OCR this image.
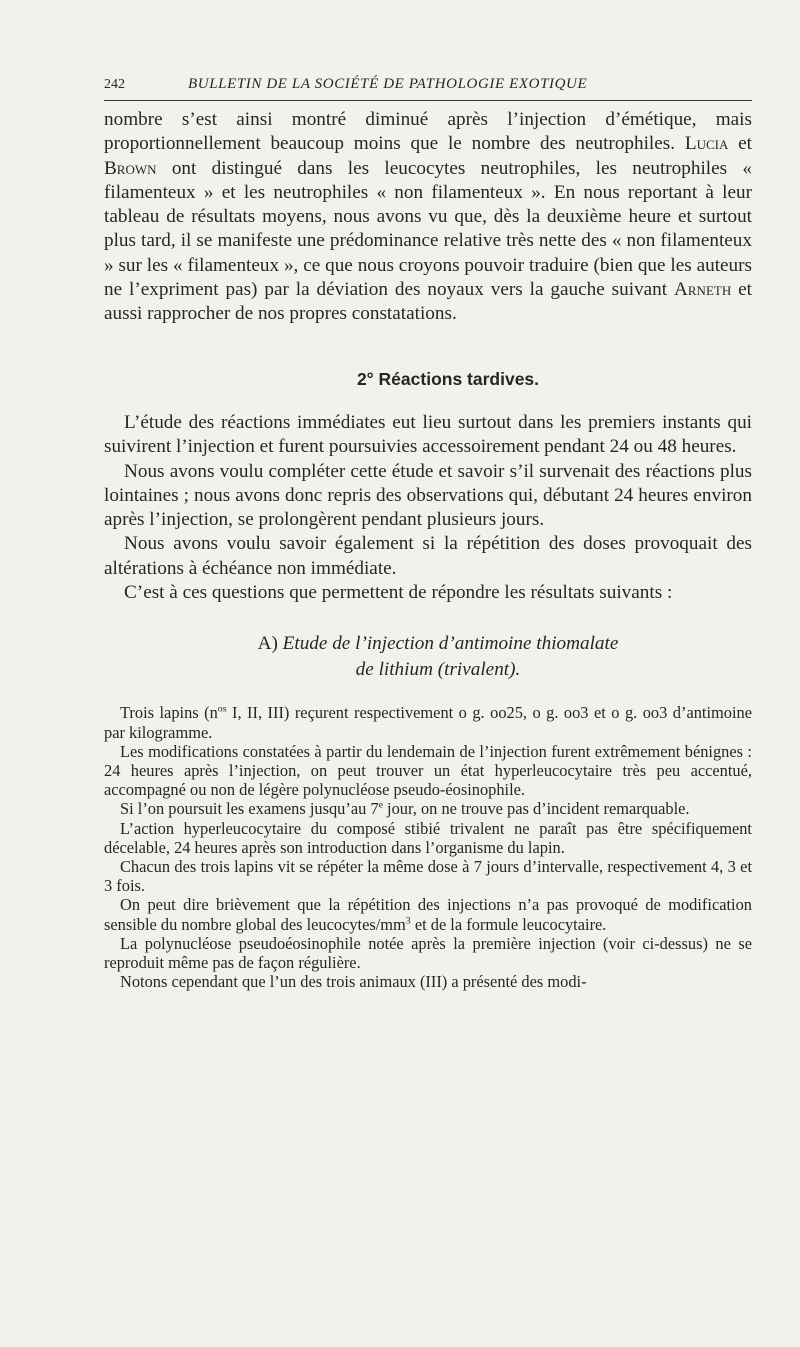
242	BULLETIN DE LA SOCIÉTÉ DE PATHOLOGIE EXOTIQUE

nombre s’est ainsi montré diminué après l’injection d’émétique, mais proportionnellement beaucoup moins que le nombre des neutrophiles. Lucia et Brown ont distingué dans les leucocytes neutrophiles, les neutrophiles « filamenteux » et les neutrophiles « non filamenteux ». En nous reportant à leur tableau de résultats moyens, nous avons vu que, dès la deuxième heure et surtout plus tard, il se manifeste une prédominance relative très nette des « non filamenteux » sur les « filamenteux », ce que nous croyons pouvoir traduire (bien que les auteurs ne l’expriment pas) par la déviation des noyaux vers la gauche suivant Arneth et aussi rapprocher de nos propres constatations.

2° Réactions tardives.

L’étude des réactions immédiates eut lieu surtout dans les premiers instants qui suivirent l’injection et furent poursuivies accessoirement pendant 24 ou 48 heures.

Nous avons voulu compléter cette étude et savoir s’il survenait des réactions plus lointaines ; nous avons donc repris des observations qui, débutant 24 heures environ après l’injection, se prolongèrent pendant plusieurs jours.

Nous avons voulu savoir également si la répétition des doses provoquait des altérations à échéance non immédiate.

C’est à ces questions que permettent de répondre les résultats suivants :

A) Etude de l’injection d’antimoine thiomalate
de lithium (trivalent).

Trois lapins ($n^{os}$ I, II, III) reçurent respectivement o g. oo25, o g. oo3 et o g. oo3 d’antimoine par kilogramme.

Les modifications constatées à partir du lendemain de l’injection furent extrêmement bénignes : 24 heures après l’injection, on peut trouver un état hyperleucocytaire très peu accentué, accompagné ou non de légère polynucléose pseudo-éosinophile.

Si l’on poursuit les examens jusqu’au 7e jour, on ne trouve pas d’incident remarquable.

L’action hyperleucocytaire du composé stibié trivalent ne paraît pas être spécifiquement décelable, 24 heures après son introduction dans l’organisme du lapin.

Chacun des trois lapins vit se répéter la même dose à 7 jours d’intervalle, respectivement 4, 3 et 3 fois.

On peut dire brièvement que la répétition des injections n’a pas provoqué de modification sensible du nombre global des leucocytes/$mm^3$ et de la formule leucocytaire.

La polynucléose pseudoéosinophile notée après la première injection (voir ci-dessus) ne se reproduit même pas de façon régulière.

Notons cependant que l’un des trois animaux (III) a présenté des modi-
